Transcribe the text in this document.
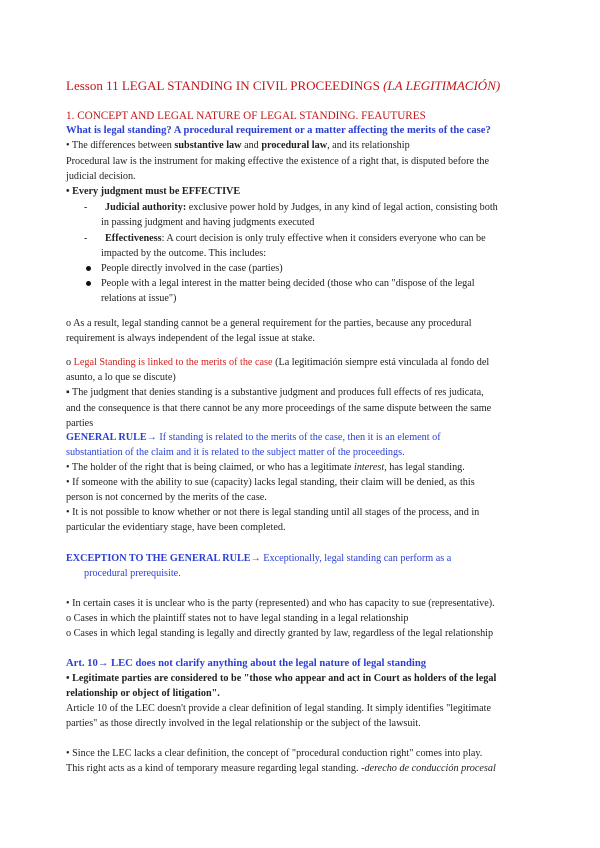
Lesson 11 LEGAL STANDING IN CIVIL PROCEEDINGS (LA LEGITIMACIÓN)
1. CONCEPT AND LEGAL NATURE OF LEGAL STANDING. FEAUTURES
What is legal standing? A procedural requirement or a matter affecting the merits of the case?
• The differences between substantive law and procedural law, and its relationship
Procedural law is the instrument for making effective the existence of a right that, is disputed before the
judicial decision.
• Every judgment must be EFFECTIVE
- Judicial authority: exclusive power hold by Judges, in any kind of legal action, consisting both
in passing judgment and having judgments executed
- Effectiveness: A court decision is only truly effective when it considers everyone who can be
impacted by the outcome. This includes:
People directly involved in the case (parties)
People with a legal interest in the matter being decided (those who can "dispose of the legal
relations at issue")
o As a result, legal standing cannot be a general requirement for the parties, because any procedural
requirement is always independent of the legal issue at stake.
o Legal Standing is linked to the merits of the case (La legitimación siempre está vinculada al fondo del
asunto, a lo que se discute)
▪ The judgment that denies standing is a substantive judgment and produces full effects of res judicata,
and the consequence is that there cannot be any more proceedings of the same dispute between the same
parties
GENERAL RULE→ If standing is related to the merits of the case, then it is an element of
substantiation of the claim and it is related to the subject matter of the proceedings.
• The holder of the right that is being claimed, or who has a legitimate interest, has legal standing.
• If someone with the ability to sue (capacity) lacks legal standing, their claim will be denied, as this
person is not concerned by the merits of the case.
• It is not possible to know whether or not there is legal standing until all stages of the process, and in
particular the evidentiary stage, have been completed.
EXCEPTION TO THE GENERAL RULE→ Exceptionally, legal standing can perform as a
procedural prerequisite.
• In certain cases it is unclear who is the party (represented) and who has capacity to sue (representative).
o Cases in which the plaintiff states not to have legal standing in a legal relationship
o Cases in which legal standing is legally and directly granted by law, regardless of the legal relationship
Art. 10→ LEC does not clarify anything about the legal nature of legal standing
• Legitimate parties are considered to be "those who appear and act in Court as holders of the legal
relationship or object of litigation".
Article 10 of the LEC doesn't provide a clear definition of legal standing. It simply identifies "legitimate
parties" as those directly involved in the legal relationship or the subject of the lawsuit.
• Since the LEC lacks a clear definition, the concept of "procedural conduction right" comes into play.
This right acts as a kind of temporary measure regarding legal standing. -derecho de conducción procesal
